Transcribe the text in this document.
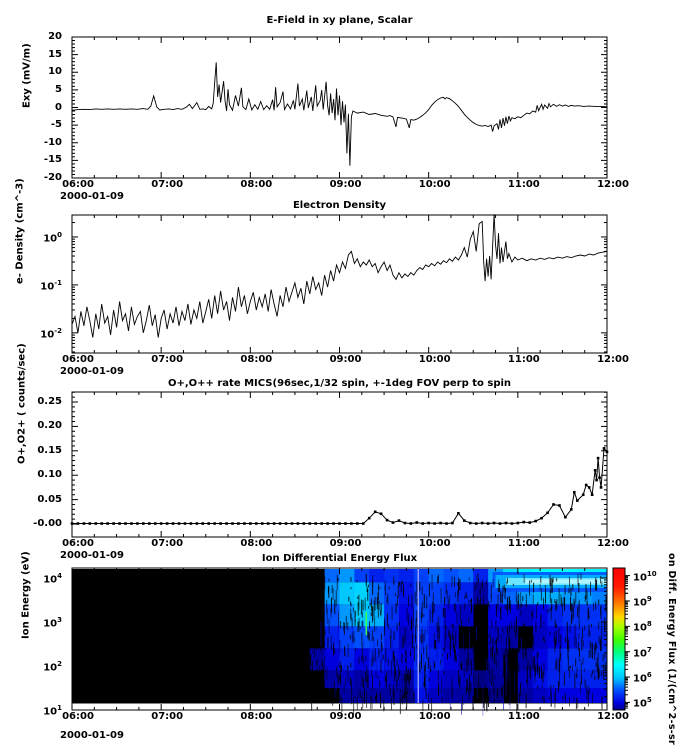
E-Field in xy plane, Scalar
Exy (mV/m)
2000-01-09
Electron Density
e- Density (cm^-3)
2000-01-09
O+,O++ rate MICS(96sec,1/32 spin, +-1deg FOV perp to spin
O+,O2+ ( counts/sec)
2000-01-09	Ion Differential Energy Flux
Ion Energy (eV)
2000-01-09	on Diff. Energy Flux (1/(cm^2-s-sr
20
15
10
5
0
-5
-10
-15
-20
06:00	07:00	08:00	09:00	10:00	11:00	12:00
$10^0$
$10^{-1}$
$10^{-2}$
06:00	07:00	08:00	09:00	10:00	11:00	12:00
0.25
0.20
0.15
0.10
0.05
-0.00
06:00	07:00	08:00	09:00	10:00	11:00	12:00
$10^4$
$10^3$
$10^2$
$10^1$
06:00	07:00	08:00	09:00	10:00	11:00	12:00
$10^{10}$
$10^9$
$10^8$
$10^7$
$10^6$
$10^5$
